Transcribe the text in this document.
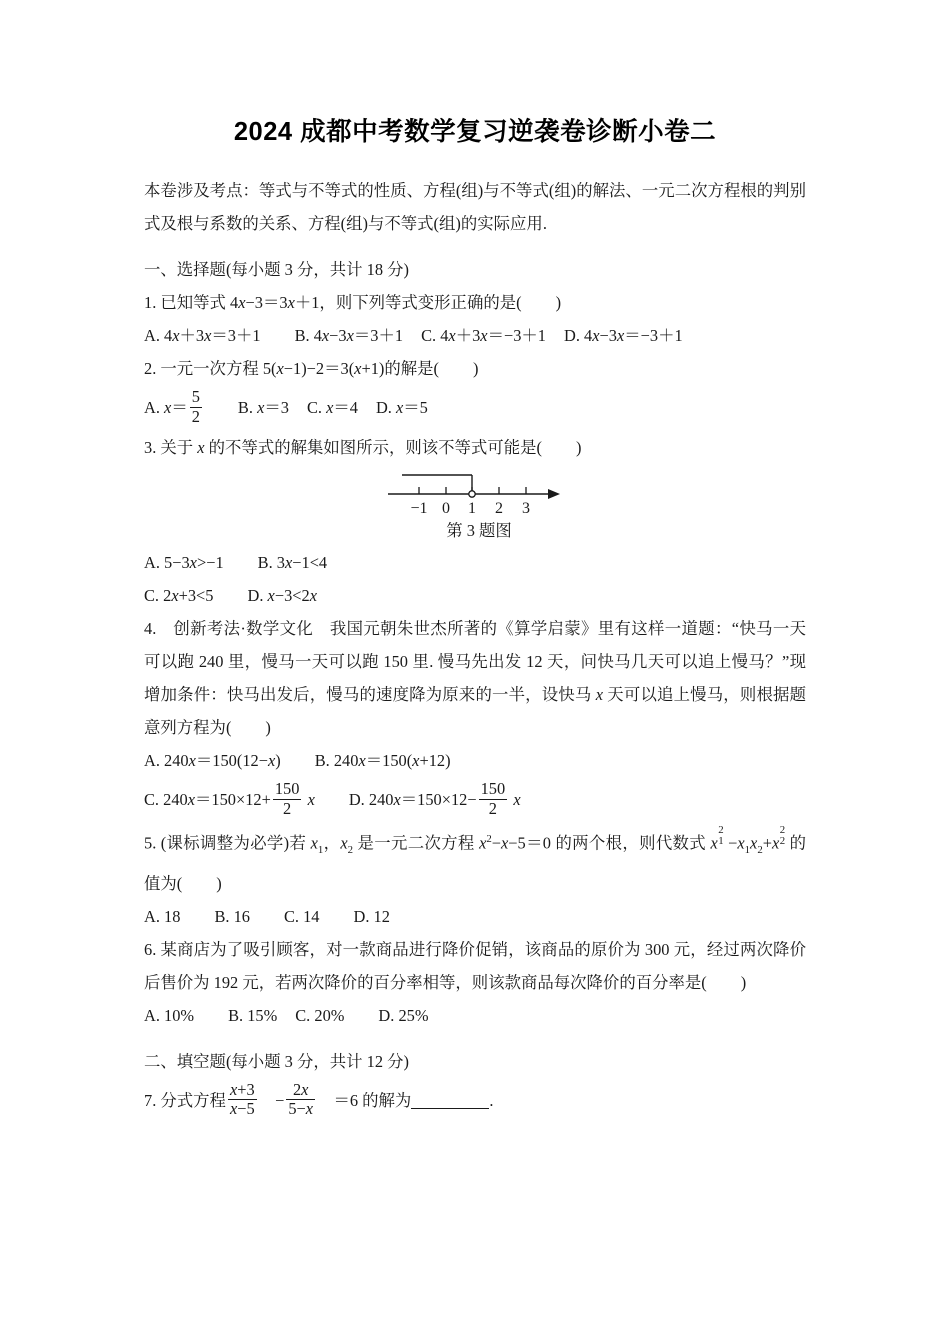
2024 成都中考数学复习逆袭卷诊断小卷二

本卷涉及考点：等式与不等式的性质、方程(组)与不等式(组)的解法、一元二次方程根的判别式及根与系数的关系、方程(组)与不等式(组)的实际应用.

一、选择题(每小题 3 分，共计 18 分)

1. 已知等式 4x−3＝3x＋1，则下列等式变形正确的是( )

A. 4x＋3x＝3＋1 B. 4x−3x＝3＋1 C. 4x＋3x＝−3＋1 D. 4x−3x＝−3＋1

2. 一元一次方程 5(x−1)−2＝3(x+1)的解是( )

A. $x= \frac{5}{2} B$. x＝3 C. x＝4 D. x＝5

3. 关于 x 的不等式的解集如图所示，则该不等式可能是( )

−1 0 1 2 3

第 3 题图

A. 5−3x>−1 B. 3x−1<4

C. 2x+3<5 D. x−3<2x

4.　创新考法·数学文化　我国元朝朱世杰所著的《算学启蒙》里有这样一道题：“快马一天可以跑 240 里，慢马一天可以跑 150 里. 慢马先出发 12 天，问快马几天可以追上慢马？”现增加条件：快马出发后，慢马的速度降为原来的一半，设快马 x 天可以追上慢马，则根据题意列方程为( )

A. 240x＝150(12−x) B. 240x＝150(x+12)

C. $240x=150\times 12+ \frac{150}{2}$ x D. $240x=150\times 12- \frac{150}{2}$ x

5. (课标调整为必学)若 $x_1$，$x_2$ 是一元二次方程 $x^2-x-5=0$ 的两个根，则代数式 x
2
$1 -x_1x_2+x$
2
2 的值为( )

A. 18 B. 16 C. 14 D. 12

6. 某商店为了吸引顾客，对一款商品进行降价促销，该商品的原价为 300 元，经过两次降价后售价为 192 元，若两次降价的百分率相等，则该款商品每次降价的百分率是( )

A. 10% B. 15% C. 20% D. 25%

二、填空题(每小题 3 分，共计 12 分)

7. 分式方程 $\frac{x+3}{x-5}$
　 − $\frac{2x}{5-x}$
　 ＝6 的解为	.
